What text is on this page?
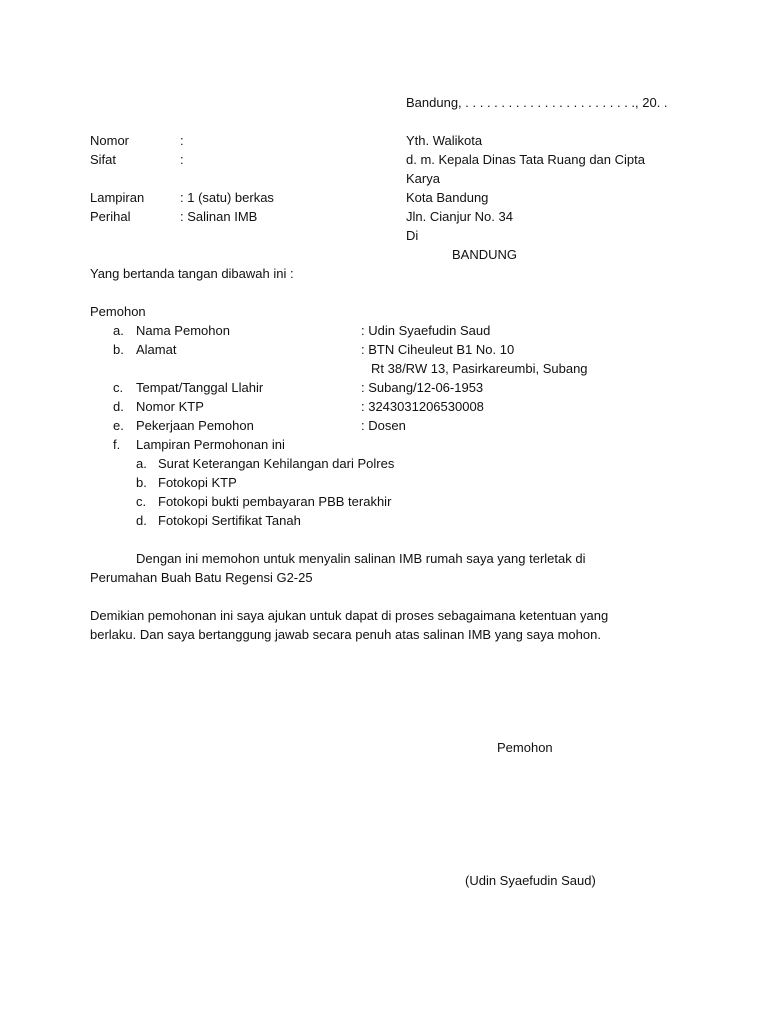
Bandung, . . . . . . . . . . . . . . . . . . . . . . . ., 20. .
Nomor	:
Sifat	:
Lampiran	: 1 (satu) berkas
Perihal	: Salinan IMB
Yth. Walikota
d. m. Kepala Dinas Tata Ruang dan Cipta
Karya
Kota Bandung
Jln. Cianjur No. 34
Di
BANDUNG
Yang bertanda tangan dibawah ini :
Pemohon
a. Nama Pemohon	: Udin Syaefudin Saud
b. Alamat	: BTN Ciheuleut B1 No. 10
Rt 38/RW 13, Pasirkareumbi, Subang
c. Tempat/Tanggal Llahir	: Subang/12-06-1953
d. Nomor KTP	: 3243031206530008
e. Pekerjaan Pemohon	: Dosen
f. Lampiran Permohonan ini
a. Surat Keterangan Kehilangan dari Polres
b. Fotokopi KTP
c. Fotokopi bukti pembayaran PBB terakhir
d. Fotokopi Sertifikat Tanah
Dengan ini memohon untuk menyalin salinan IMB rumah saya yang terletak di
Perumahan Buah Batu Regensi G2-25
Demikian pemohonan ini saya ajukan untuk dapat di proses sebagaimana ketentuan yang
berlaku. Dan saya bertanggung jawab secara penuh atas salinan IMB yang saya mohon.
Pemohon
(Udin Syaefudin Saud)
